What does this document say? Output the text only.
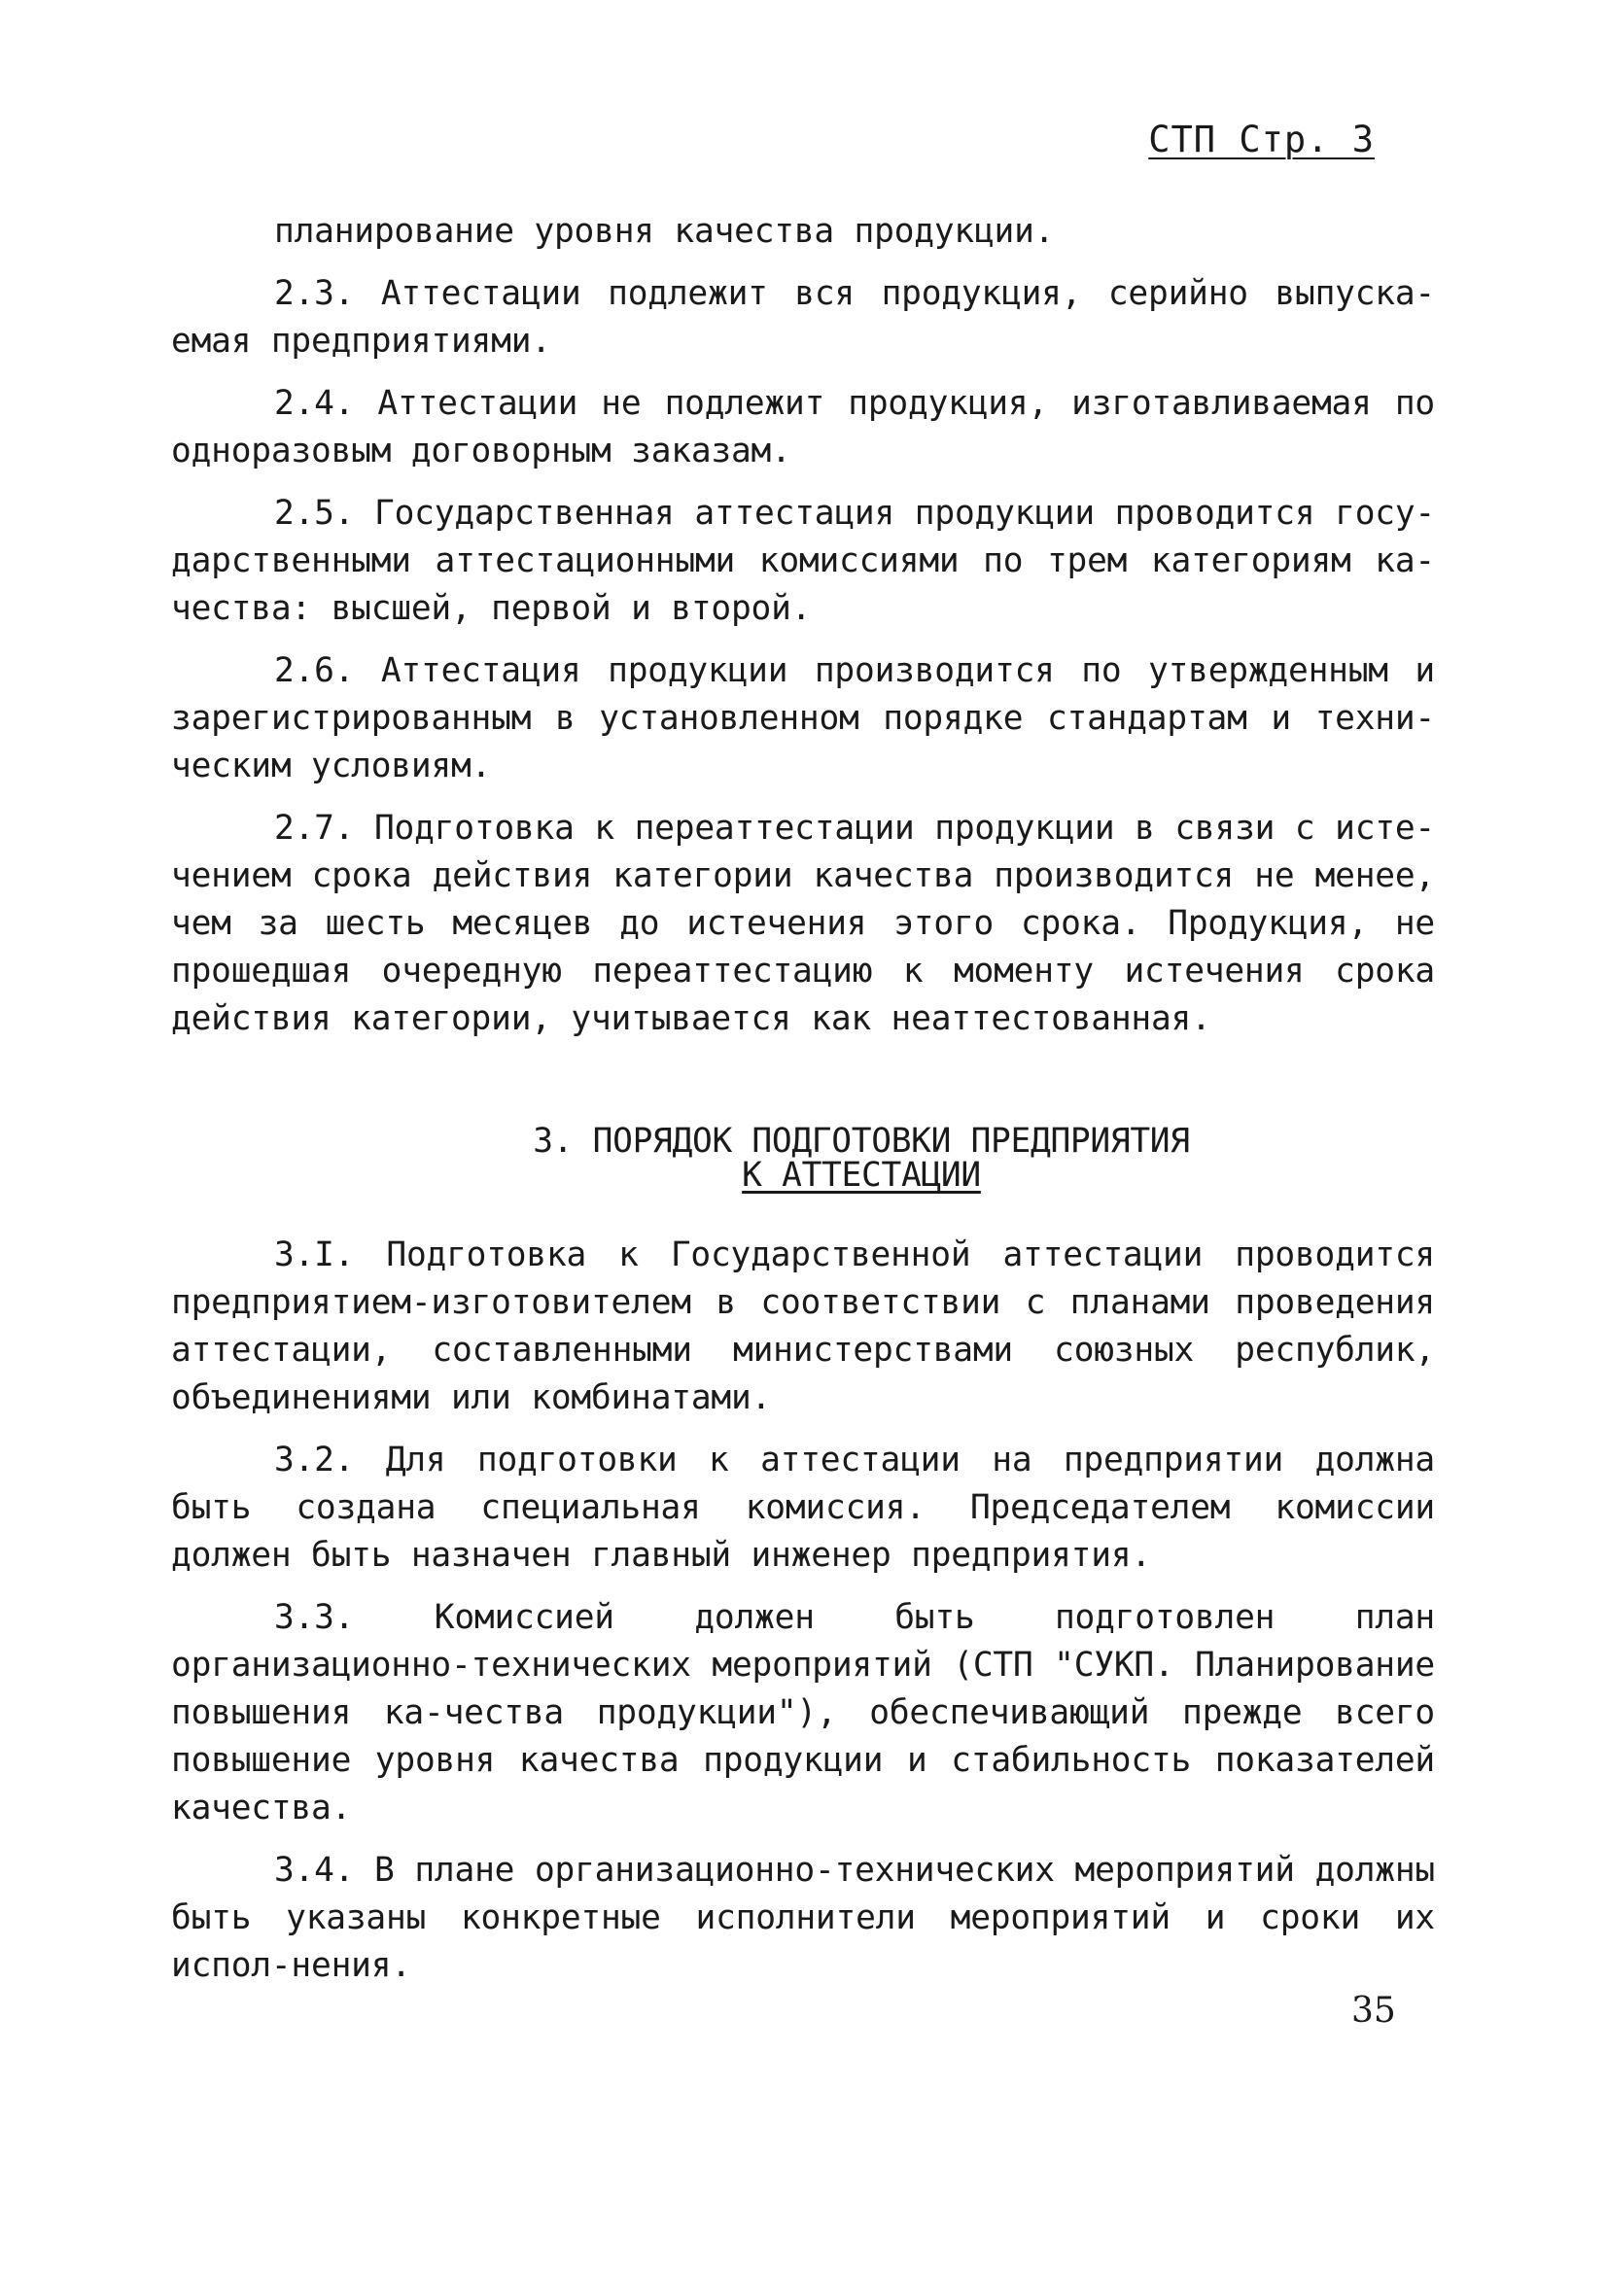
СТП Стр. 3

планирование уровня качества продукции.

2.3. Аттестации подлежит вся продукция, серийно выпуска-емая предприятиями.

2.4. Аттестации не подлежит продукция, изготавливаемая по одноразовым договорным заказам.

2.5. Государственная аттестация продукции проводится госу-дарственными аттестационными комиссиями по трем категориям ка-чества: высшей, первой и второй.

2.6. Аттестация продукции производится по утвержденным и зарегистрированным в установленном порядке стандартам и техни-ческим условиям.

2.7. Подготовка к переаттестации продукции в связи с исте-чением срока действия категории качества производится не менее, чем за шесть месяцев до истечения этого срока. Продукция, не прошедшая очередную переаттестацию к моменту истечения срока действия категории, учитывается как неаттестованная.

3. ПОРЯДОК ПОДГОТОВКИ ПРЕДПРИЯТИЯ
К АТТЕСТАЦИИ

3.I. Подготовка к Государственной аттестации проводится предприятием-изготовителем в соответствии с планами проведения аттестации, составленными министерствами союзных республик, объединениями или комбинатами.

3.2. Для подготовки к аттестации на предприятии должна быть создана специальная комиссия. Председателем комиссии должен быть назначен главный инженер предприятия.

3.3. Комиссией должен быть подготовлен план организационно-технических мероприятий (СТП "СУКП. Планирование повышения ка-чества продукции"), обеспечивающий прежде всего повышение уровня качества продукции и стабильность показателей качества.

3.4. В плане организационно-технических мероприятий должны быть указаны конкретные исполнители мероприятий и сроки их испол-нения.

35
